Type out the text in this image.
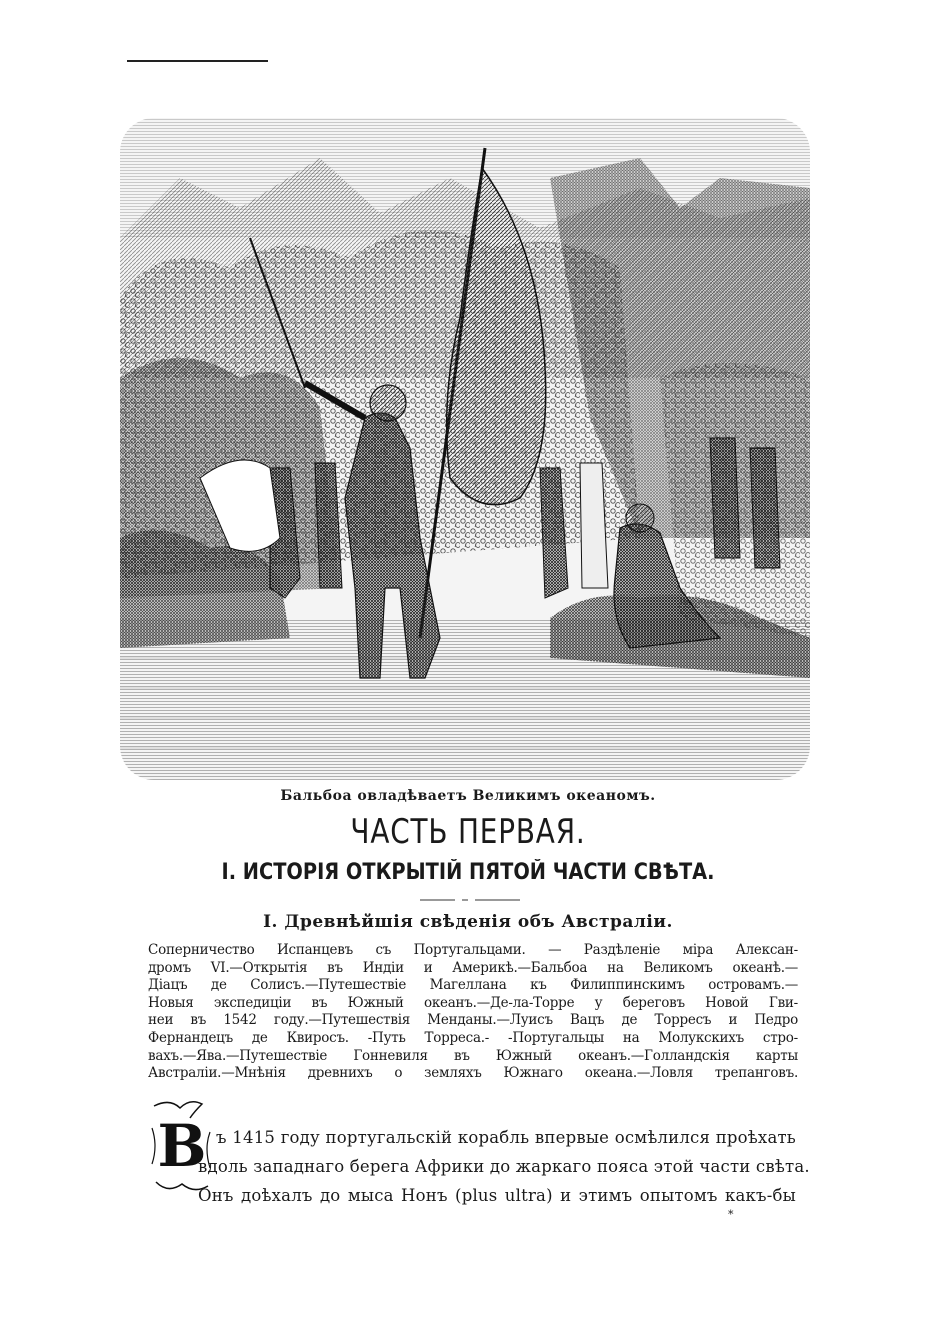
Бальбоа овладѣваетъ Великимъ океаномъ.
ЧАСТЬ ПЕРВАЯ.
I. ИСТОРІЯ ОТКРЫТІЙ ПЯТОЙ ЧАСТИ СВѢТА.
I. Древнѣйшія свѣденія объ Австраліи.
Соперничество Испанцевъ съ Португальцами. — Раздѣленіе міра Алексан-
дромъ VI.—Открытія въ Индіи и Америкѣ.—Бальбоа на Великомъ океанѣ.—
Діацъ де Солисъ.—Путешествіе Магеллана къ Филиппинскимъ островамъ.—
Новыя экспедиціи въ Южный океанъ.—Де-ла-Торре у береговъ Новой Гви-
неи въ 1542 году.—Путешествія Менданы.—Луисъ Вацъ де Торресъ и Педро
Фернандецъ де Квиросъ. -Путь Торреса.- -Португальцы на Молукскихъ стро-
вахъ.—Ява.—Путешествіе Гонневиля въ Южный океанъ.—Голландскія карты
Австраліи.—Мнѣнія древнихъ о земляхъ Южнаго океана.—Ловля трепанговъ.
В ъ 1415 году португальскій корабль впервые осмѣлился проѣхать
вдоль западнаго берега Африки до жаркаго пояса этой части свѣта.
Онъ доѣхалъ до мыса Нонъ (plus ultra) и этимъ опытомъ какъ-бы
*
